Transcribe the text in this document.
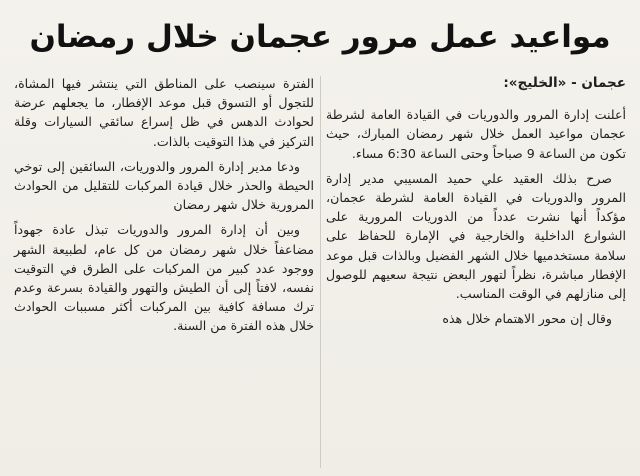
مواعيد عمل مرور عجمان خلال رمضان
عجمان - «الخليج»:
أعلنت إدارة المرور والدوريات في القيادة العامة لشرطة عجمان مواعيد العمل خلال شهر رمضان المبارك، حيث تكون من الساعة 9 صباحاً وحتى الساعة 6:30 مساء.
صرح بذلك العقيد علي حميد المسيبي مدير إدارة المرور والدوريات في القيادة العامة لشرطة عجمان، مؤكداً أنها نشرت عدداً من الدوريات المرورية على الشوارع الداخلية والخارجية في الإمارة للحفاظ على سلامة مستخدميها خلال الشهر الفضيل وبالذات قبل موعد الإفطار مباشرة، نظراً لتهور البعض نتيجة سعيهم للوصول إلى منازلهم في الوقت المناسب.
وقال إن محور الاهتمام خلال هذه
الفترة سينصب على المناطق التي ينتشر فيها المشاة، للتجول أو التسوق قبل موعد الإفطار، ما يجعلهم عرضة لحوادث الدهس في ظل إسراع سائقي السيارات وقلة التركيز في هذا التوقيت بالذات.
ودعا مدير إدارة المرور والدوريات، السائقين إلى توخي الحيطة والحذر خلال قيادة المركبات للتقليل من الحوادث المرورية خلال شهر رمضان
وبين أن إدارة المرور والدوريات تبذل عادة جهوداً مضاعفاً خلال شهر رمضان من كل عام، لطبيعة الشهر ووجود عدد كبير من المركبات على الطرق في التوقيت نفسه، لافتاً إلى أن الطيش والتهور والقيادة بسرعة وعدم ترك مسافة كافية بين المركبات أكثر مسببات الحوادث خلال هذه الفترة من السنة.
